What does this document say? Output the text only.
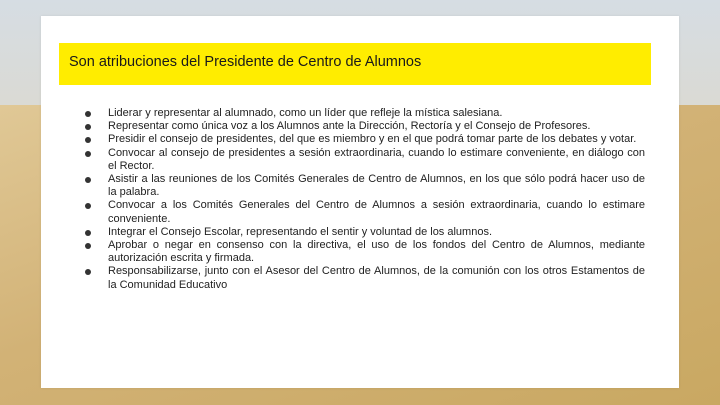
Son atribuciones del Presidente de Centro de Alumnos
Liderar y representar al alumnado, como un líder que refleje la mística salesiana.
Representar como única voz a los Alumnos ante la Dirección, Rectoría y el Consejo de Profesores.
Presidir el consejo de presidentes, del que es miembro y en el que podrá tomar parte de los debates y votar.
Convocar al consejo de presidentes a sesión extraordinaria, cuando lo estimare conveniente, en diálogo con el Rector.
Asistir a las reuniones de los Comités Generales de Centro de Alumnos, en los que sólo podrá hacer uso de la palabra.
Convocar a los Comités Generales del Centro de Alumnos a sesión extraordinaria, cuando lo estimare conveniente.
Integrar el Consejo Escolar, representando el sentir y voluntad de los alumnos.
Aprobar o negar en consenso con la directiva, el uso de los fondos del Centro de Alumnos, mediante autorización escrita y firmada.
Responsabilizarse, junto con el Asesor del Centro de Alumnos, de la comunión con los otros Estamentos de la Comunidad Educativo
